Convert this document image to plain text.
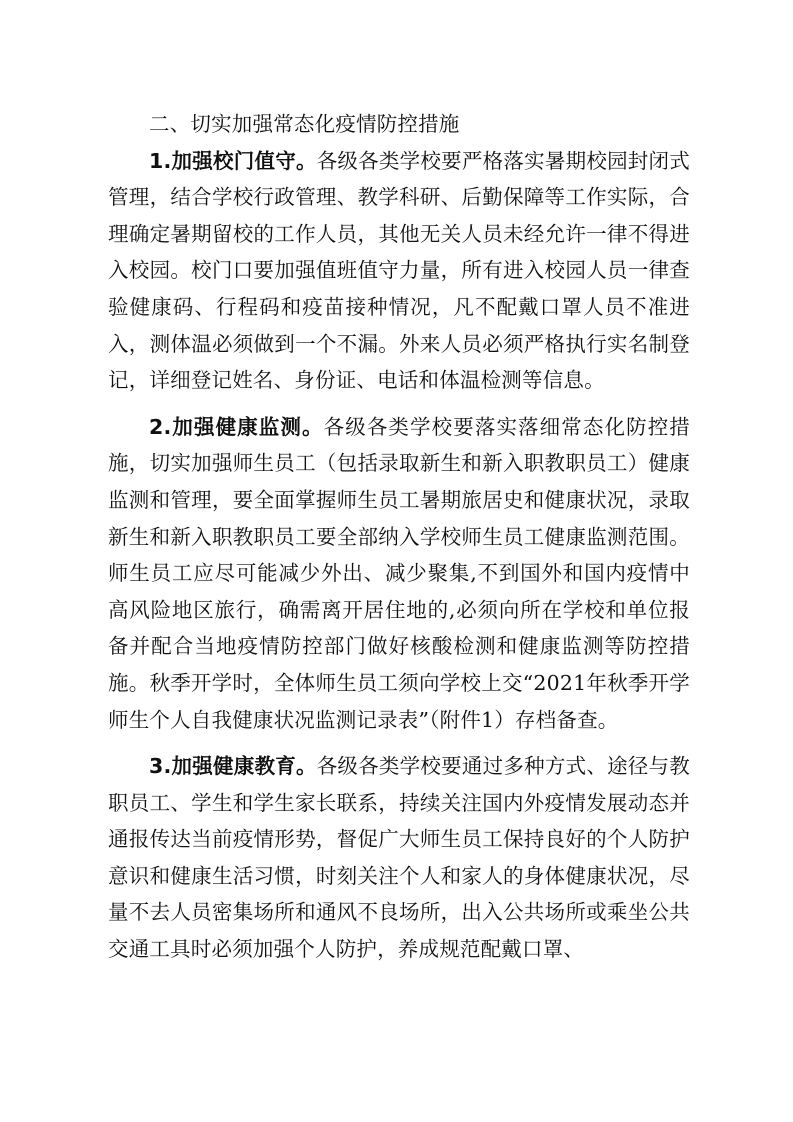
二、切实加强常态化疫情防控措施

1.加强校门值守。各级各类学校要严格落实暑期校园封闭式管理，结合学校行政管理、教学科研、后勤保障等工作实际，合理确定暑期留校的工作人员，其他无关人员未经允许一律不得进入校园。校门口要加强值班值守力量，所有进入校园人员一律查验健康码、行程码和疫苗接种情况，凡不配戴口罩人员不准进入，测体温必须做到一个不漏。外来人员必须严格执行实名制登记，详细登记姓名、身份证、电话和体温检测等信息。

2.加强健康监测。各级各类学校要落实落细常态化防控措施，切实加强师生员工（包括录取新生和新入职教职员工）健康监测和管理，要全面掌握师生员工暑期旅居史和健康状况，录取新生和新入职教职员工要全部纳入学校师生员工健康监测范围。师生员工应尽可能减少外出、减少聚集,不到国外和国内疫情中高风险地区旅行，确需离开居住地的,必须向所在学校和单位报备并配合当地疫情防控部门做好核酸检测和健康监测等防控措施。秋季开学时，全体师生员工须向学校上交“2021年秋季开学师生个人自我健康状况监测记录表”（附件1）存档备查。

3.加强健康教育。各级各类学校要通过多种方式、途径与教职员工、学生和学生家长联系，持续关注国内外疫情发展动态并通报传达当前疫情形势，督促广大师生员工保持良好的个人防护意识和健康生活习惯，时刻关注个人和家人的身体健康状况，尽量不去人员密集场所和通风不良场所，出入公共场所或乘坐公共交通工具时必须加强个人防护，养成规范配戴口罩、
